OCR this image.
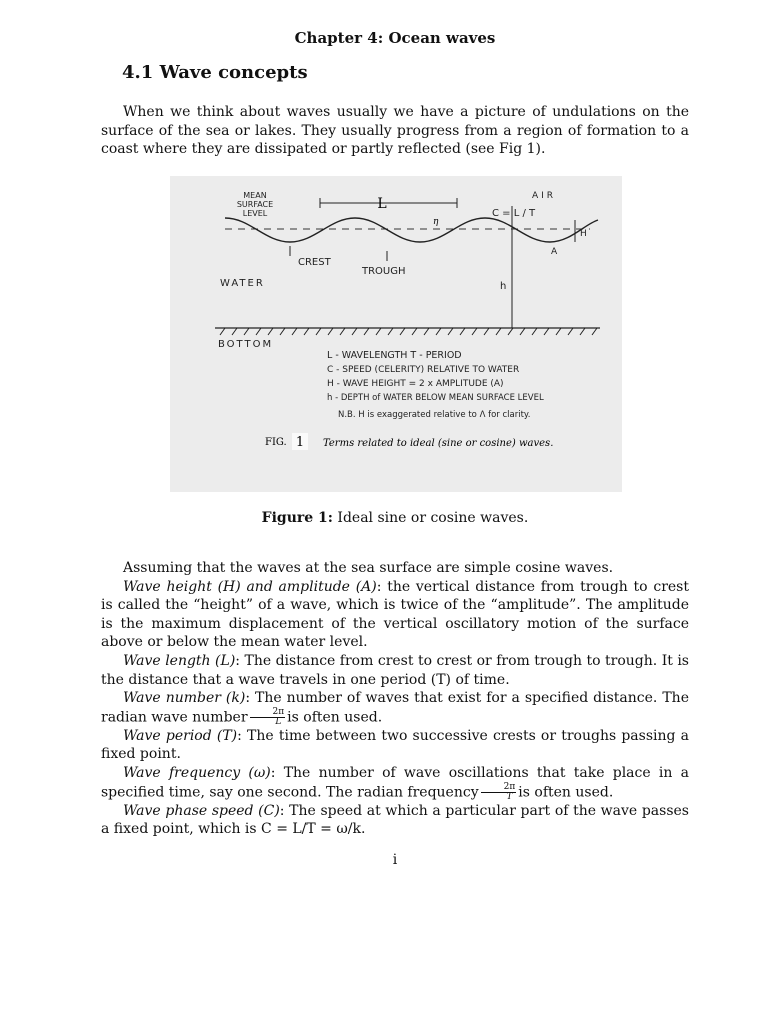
Chapter 4: Ocean waves
4.1 Wave concepts
When we think about waves usually we have a picture of undulations on the surface of the sea or lakes. They usually progress from a region of formation to a coast where they are dissipated or partly reflected (see Fig 1).
MEAN
SURFACE
LEVEL
AIR
L
η
C = L / T
H
A
CREST
TROUGH
WATER	h
BOTTOM
L - WAVELENGTH T - PERIOD
C - SPEED (CELERITY) RELATIVE TO WATER
H - WAVE HEIGHT = 2 x AMPLITUDE (A)
h - DEPTH of WATER BELOW MEAN SURFACE LEVEL
N.B. H is exaggerated relative to Λ for clarity.
FIG. 1 Terms related to ideal (sine or cosine) waves.
Figure 1: Ideal sine or cosine waves.

Assuming that the waves at the sea surface are simple cosine waves.

Wave height (H) and amplitude (A): the vertical distance from trough to crest is called the “height” of a wave, which is twice of the “amplitude”. The amplitude is the maximum displacement of the vertical oscillatory motion of the surface above or below the mean water level.

Wave length (L): The distance from crest to crest or from trough to trough. It is the distance that a wave travels in one period (T) of time.

Wave number (k): The number of waves that exist for a specified distance. The radian wave number $\frac{2\pi}{L}$ is often used.

Wave period (T): The time between two successive crests or troughs passing a fixed point.

Wave frequency (ω): The number of wave oscillations that take place in a specified time, say one second. The radian frequency $\frac{2\pi}{T}$ is often used.

Wave phase speed (C): The speed at which a particular part of the wave passes a fixed point, which is C = L/T = ω/k.

i
